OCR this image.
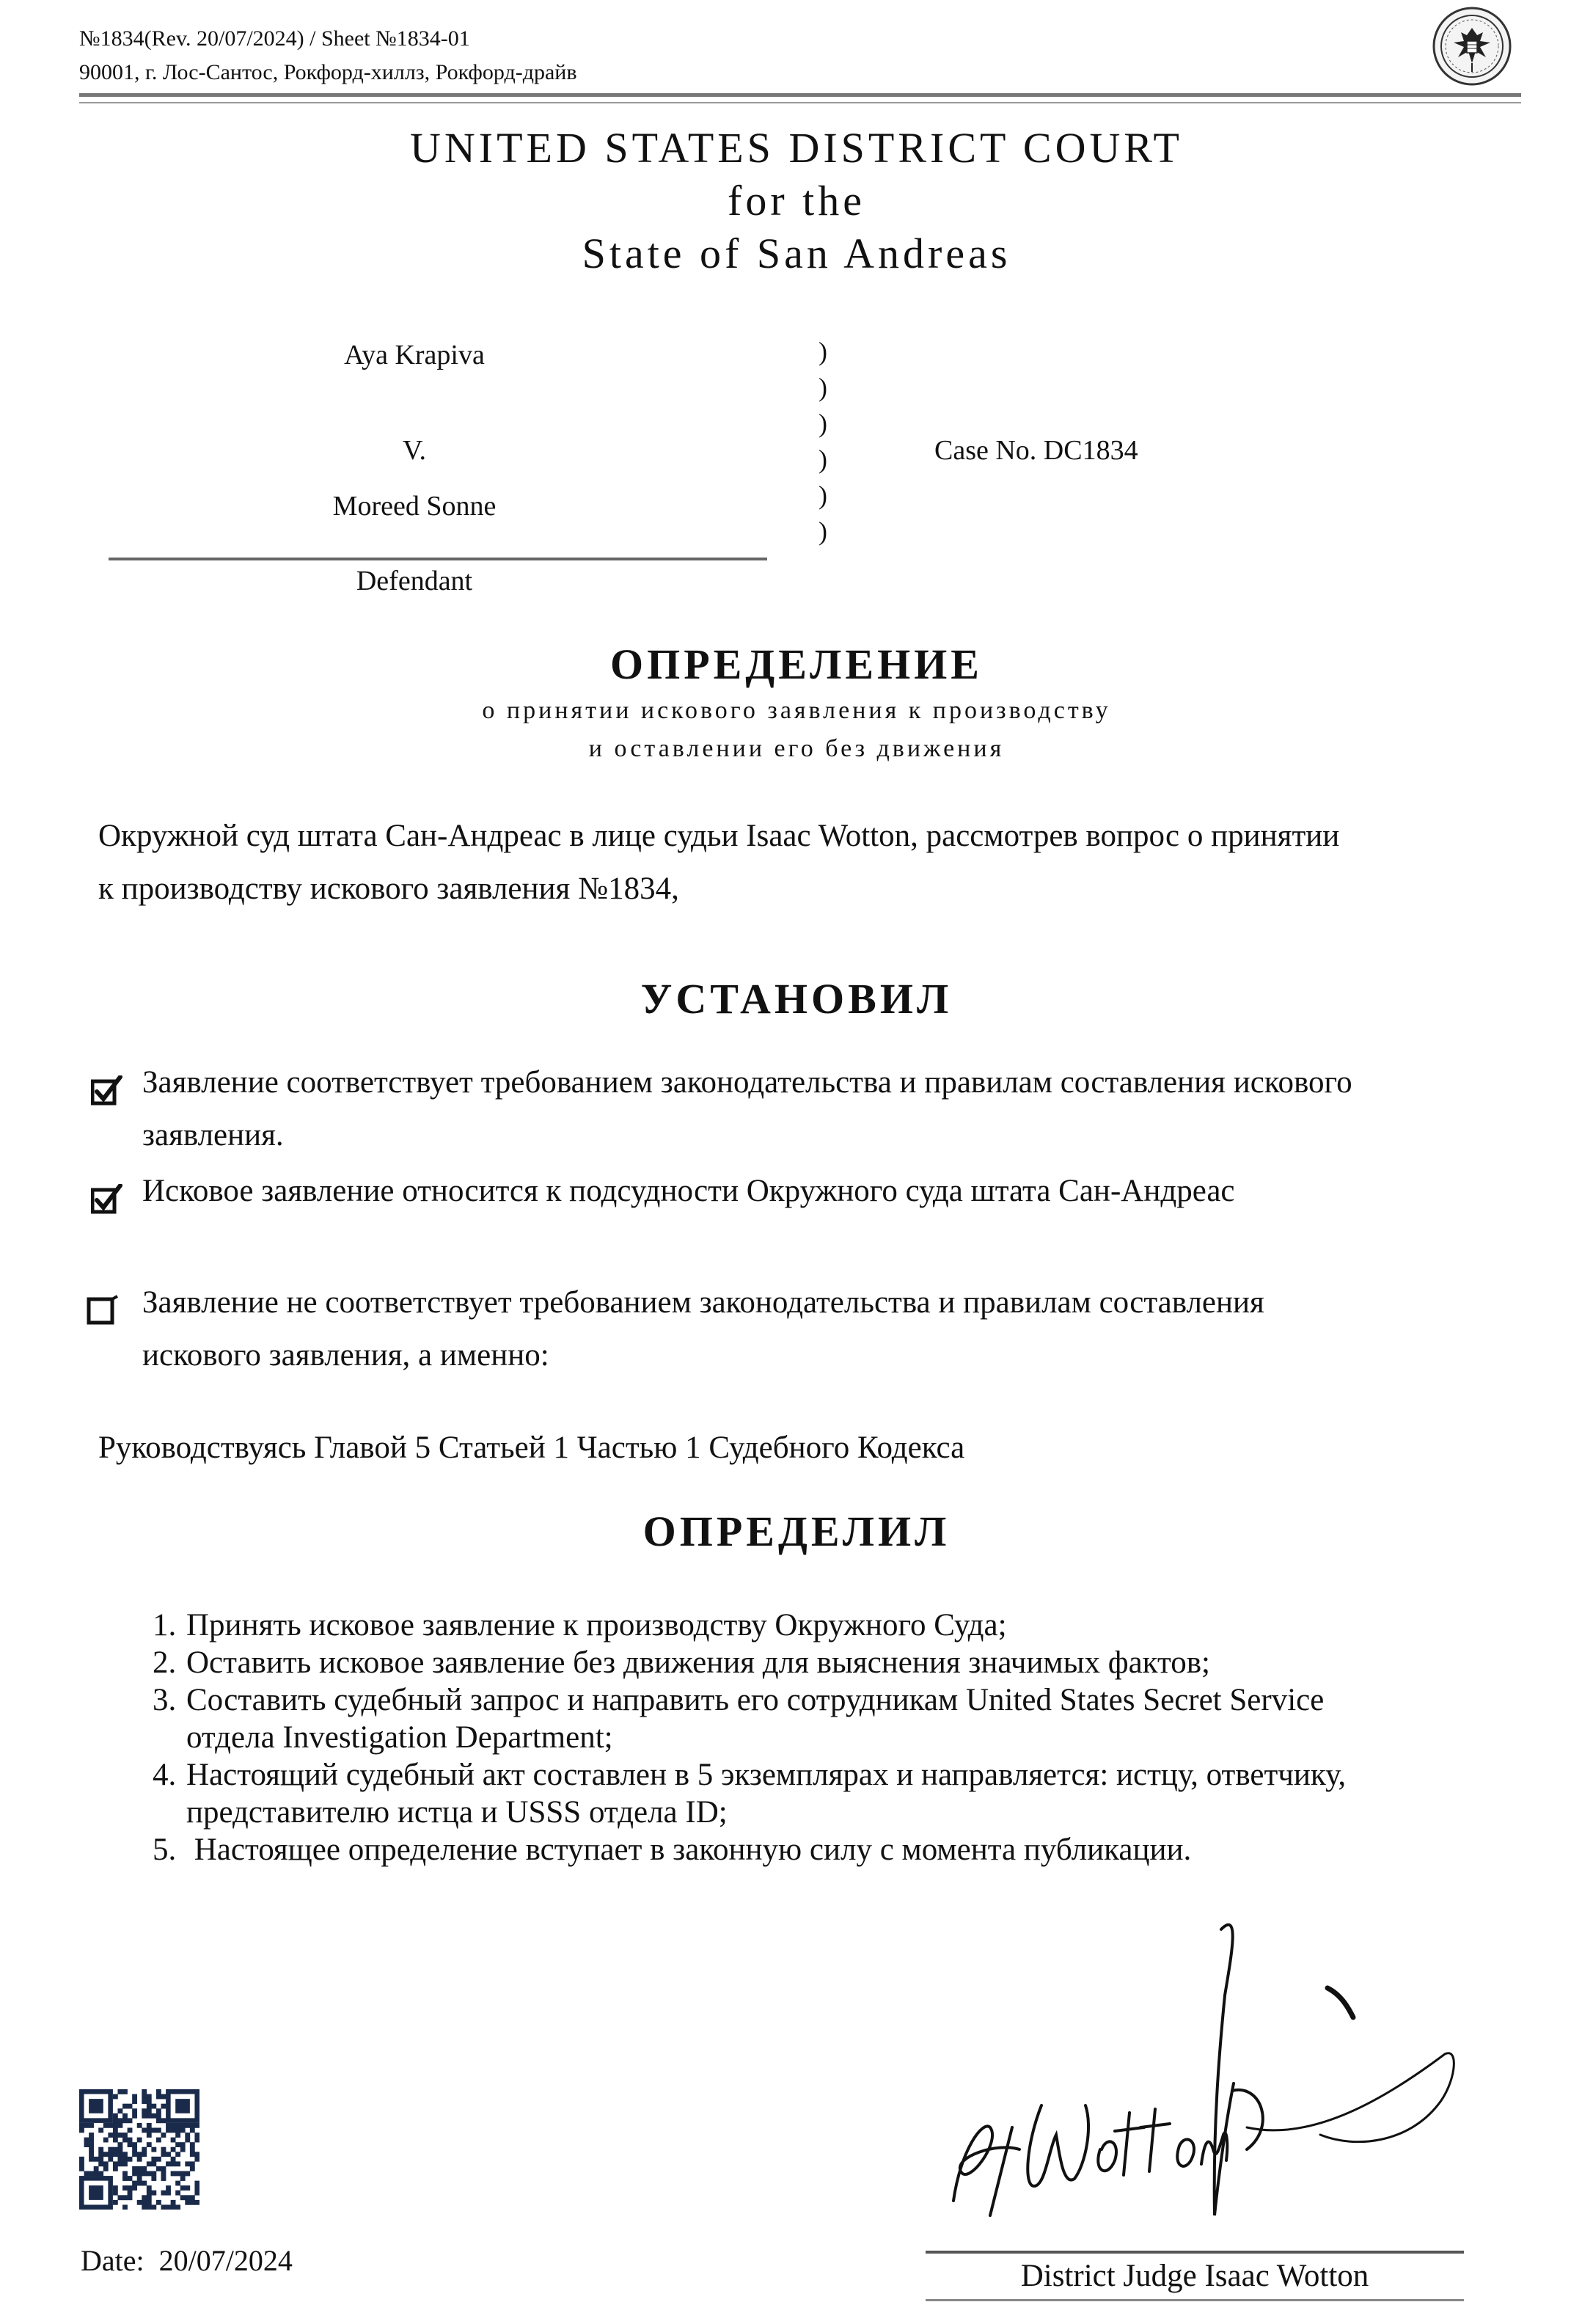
№1834(Rev. 20/07/2024) / Sheet №1834-01
90001, г. Лос-Сантос, Рокфорд-хиллз, Рокфорд-драйв
UNITED STATES DISTRICT COURT
for the
State of San Andreas
Aya Krapiva
V.
Moreed Sonne
Defendant
)
)
)
)
)
)
Case No. DC1834
ОПРЕДЕЛЕНИЕ
о принятии искового заявления к производству
и оставлении его без движения
Окружной суд штата Сан-Андреас в лице судьи Isaac Wotton, рассмотрев вопрос о принятии
к производству искового заявления №1834,
УСТАНОВИЛ
Заявление соответствует требованием законодательства и правилам составления искового
заявления.
Исковое заявление относится к подсудности Окружного суда штата Сан-Андреас
Заявление не соответствует требованием законодательства и правилам составления
искового заявления, а именно:
Руководствуясь Главой 5 Статьей 1 Частью 1 Судебного Кодекса
ОПРЕДЕЛИЛ
1. Принять исковое заявление к производству Окружного Суда;
2. Оставить исковое заявление без движения для выяснения значимых фактов;
3. Составить судебный запрос и направить его сотрудникам United States Secret Service
отдела Investigation Department;
4. Настоящий судебный акт составлен в 5 экземплярах и направляется: истцу, ответчику,
представителю истца и USSS отдела ID;
5. Настоящее определение вступает в законную силу с момента публикации.
Date: 20/07/2024	District Judge Isaac Wotton
